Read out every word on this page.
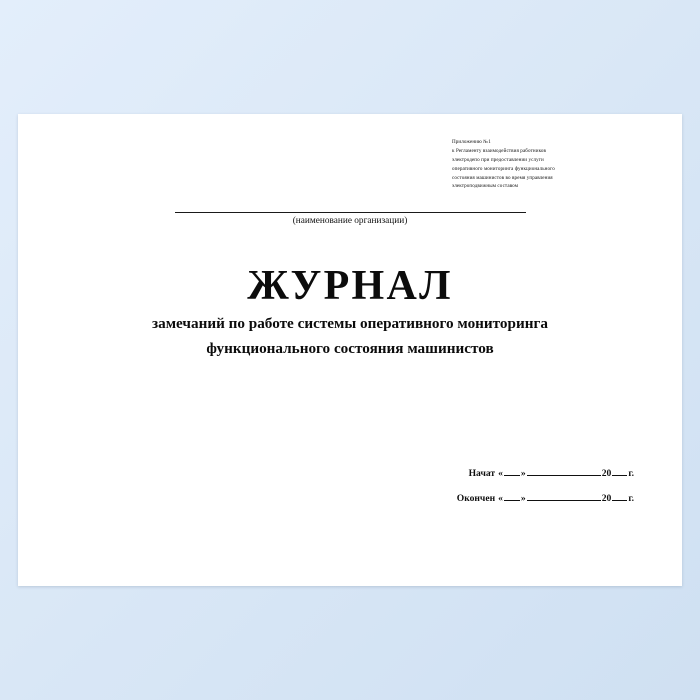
Приложению №1
к Регламенту взаимодействия работников
электродепо при предоставлении услуги
оперативного мониторинга функционального
состояния машинистов во время управления
электроподвижным составом
(наименование организации)
ЖУРНАЛ
замечаний по работе системы оперативного мониторинга функционального состояния машинистов
Начат « »	20 г.
Окончен « »	20 г.
